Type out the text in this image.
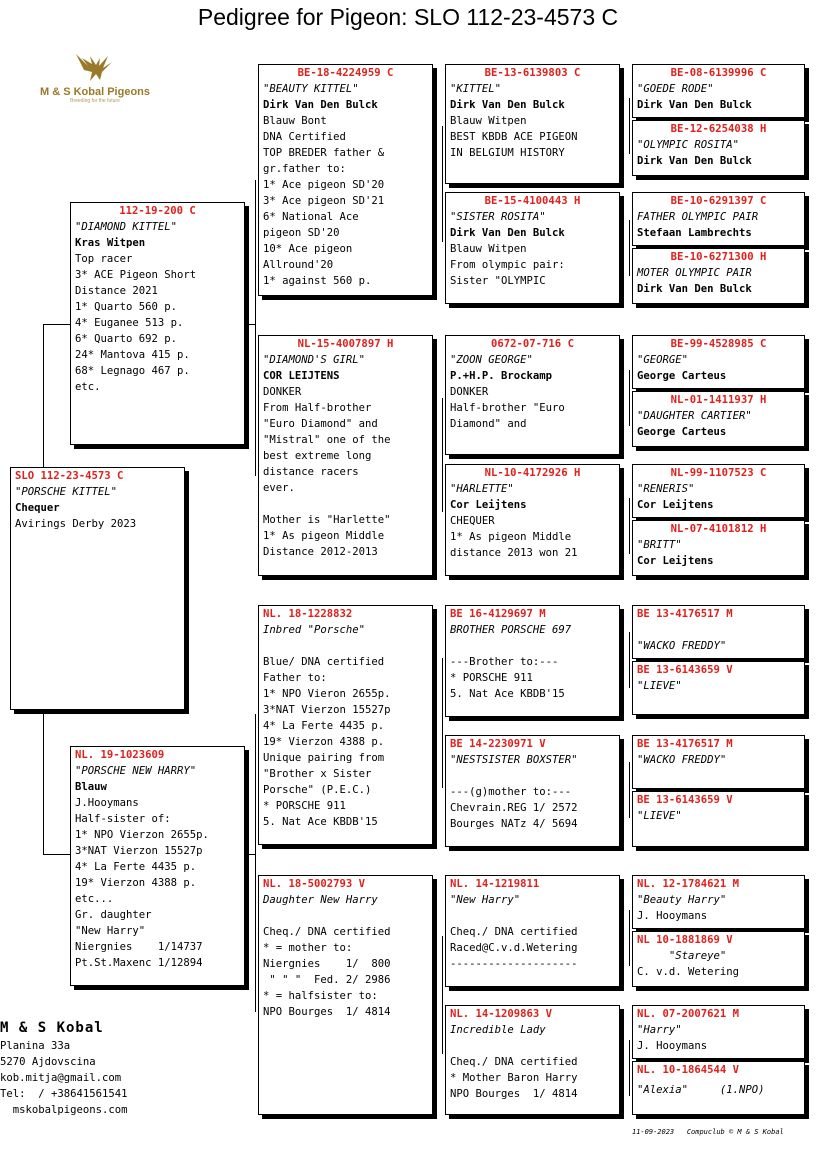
Pedigree for Pigeon: SLO 112-23-4573 C
M & S Kobal Pigeons
Breeding for the future
SLO 112-23-4573 C
"PORSCHE KITTEL"
Chequer
Avirings Derby 2023
112-19-200 C
"DIAMOND KITTEL"
Kras Witpen
Top racer
3* ACE Pigeon Short
Distance 2021
1* Quarto 560 p.
4* Euganee 513 p.
6* Quarto 692 p.
24* Mantova 415 p.
68* Legnago 467 p.
etc.
NL. 19-1023609
"PORSCHE NEW HARRY"
Blauw
J.Hooymans
Half-sister of:
1* NPO Vierzon 2655p.
3*NAT Vierzon 15527p
4* La Ferte 4435 p.
19* Vierzon 4388 p.
etc...
Gr. daughter
"New Harry"
Niergnies    1/14737
Pt.St.Maxenc 1/12894
BE-18-4224959 C
"BEAUTY KITTEL"
Dirk Van Den Bulck
Blauw Bont
DNA Certified
TOP BREDER father &
gr.father to:
1* Ace pigeon SD'20
3* Ace pigeon SD'21
6* National Ace
pigeon SD'20
10* Ace pigeon
Allround'20
1* against 560 p.
NL-15-4007897 H
"DIAMOND'S GIRL"
COR LEIJTENS
DONKER
From Half-brother
"Euro Diamond" and
"Mistral" one of the
best extreme long
distance racers
ever.

Mother is "Harlette"
1* As pigeon Middle
Distance 2012-2013
NL. 18-1228832
Inbred "Porsche"

Blue/ DNA certified
Father to:
1* NPO Vieron 2655p.
3*NAT Vierzon 15527p
4* La Ferte 4435 p.
19* Vierzon 4388 p.
Unique pairing from
"Brother x Sister
Porsche" (P.E.C.)
* PORSCHE 911
5. Nat Ace KBDB'15
NL. 18-5002793 V
Daughter New Harry

Cheq./ DNA certified
* = mother to:
Niergnies    1/  800
" " "  Fed. 2/ 2986
* = halfsister to:
NPO Bourges  1/ 4814
BE-13-6139803 C
"KITTEL"
Dirk Van Den Bulck
Blauw Witpen
BEST KBDB ACE PIGEON
IN BELGIUM HISTORY
BE-15-4100443 H
"SISTER ROSITA"
Dirk Van Den Bulck
Blauw Witpen
From olympic pair:
Sister "OLYMPIC
0672-07-716 C
"ZOON GEORGE"
P.+H.P. Brockamp
DONKER
Half-brother "Euro
Diamond" and
NL-10-4172926 H
"HARLETTE"
Cor Leijtens
CHEQUER
1* As pigeon Middle
distance 2013 won 21
BE 16-4129697 M
BROTHER PORSCHE 697

---Brother to:---
* PORSCHE 911
5. Nat Ace KBDB'15
BE 14-2230971 V
"NESTSISTER BOXSTER"

---(g)mother to:---
Chevrain.REG 1/ 2572
Bourges NATz 4/ 5694
NL. 14-1219811
"New Harry"

Cheq./ DNA certified
Raced@C.v.d.Wetering
--------------------
NL. 14-1209863 V
Incredible Lady

Cheq./ DNA certified
* Mother Baron Harry
NPO Bourges  1/ 4814
BE-08-6139996 C
"GOEDE RODE"
Dirk Van Den Bulck
BE-12-6254038 H
"OLYMPIC ROSITA"
Dirk Van Den Bulck
BE-10-6291397 C
FATHER OLYMPIC PAIR
Stefaan Lambrechts
BE-10-6271300 H
MOTER OLYMPIC PAIR
Dirk Van Den Bulck
BE-99-4528985 C
"GEORGE"
George Carteus
NL-01-1411937 H
"DAUGHTER CARTIER"
George Carteus
NL-99-1107523 C
"RENERIS"
Cor Leijtens
NL-07-4101812 H
"BRITT"
Cor Leijtens
BE 13-4176517 M

"WACKO FREDDY"
BE 13-6143659 V
"LIEVE"
BE 13-4176517 M
"WACKO FREDDY"
BE 13-6143659 V
"LIEVE"
NL. 12-1784621 M
"Beauty Harry"
J. Hooymans
NL 10-1881869 V
"Stareye"
C. v.d. Wetering
NL. 07-2007621 M
"Harry"
J. Hooymans
NL. 10-1864544 V
"Alexia"     (1.NPO)
M & S Kobal
Planina 33a
5270 Ajdovscina
kob.mitja@gmail.com
Tel:  / +38641561541
mskobalpigeons.com
11-09-2023 Compuclub © M & S Kobal
